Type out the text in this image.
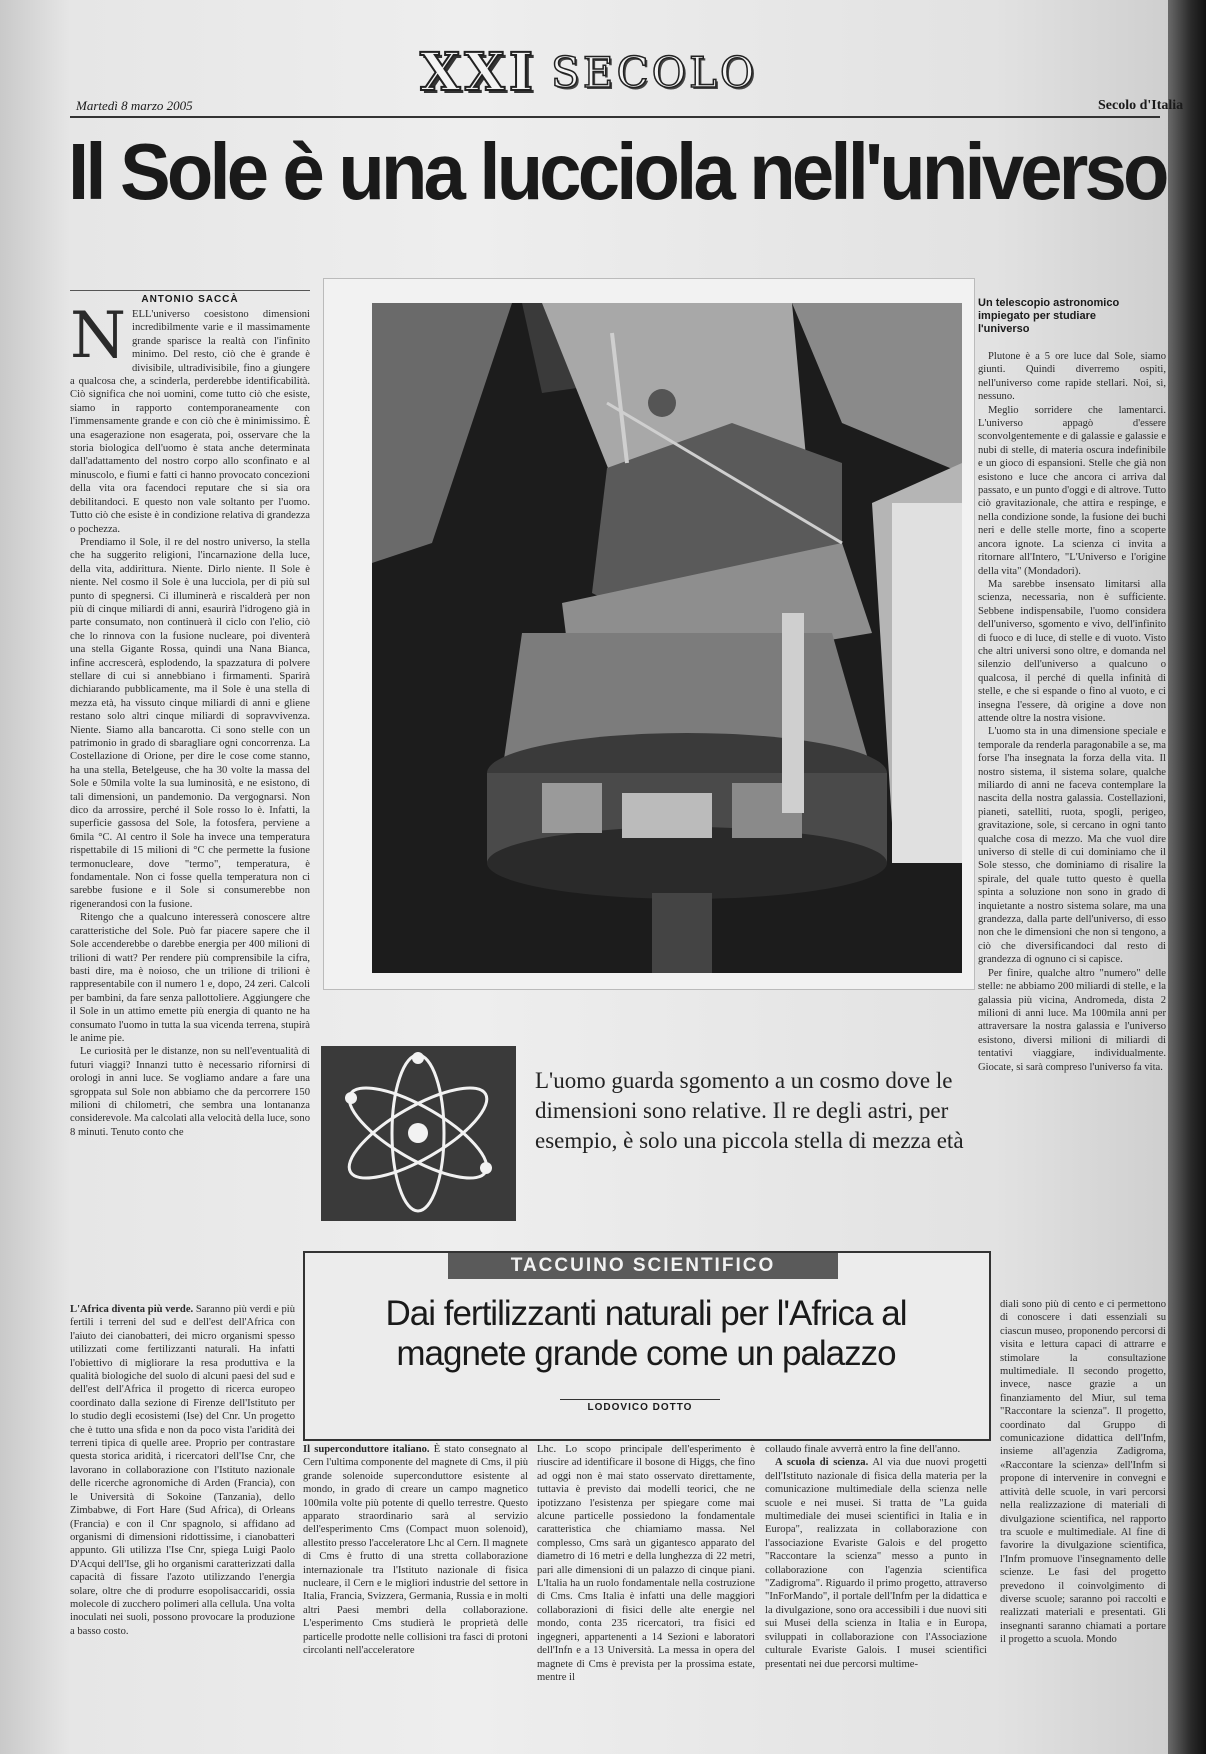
XXI SECOLO
Martedì 8 marzo 2005	Secolo d'Italia
Il Sole è una lucciola nell'universo
ANTONIO SACCÀ

NELL'universo coesistono dimensioni incredibilmente varie e il massimamente grande sparisce la realtà con l'infinito minimo. Del resto, ciò che è grande è divisibile, ultradivisibile, fino a giungere a qualcosa che, a scinderla, perderebbe identificabilità. Ciò significa che noi uomini, come tutto ciò che esiste, siamo in rapporto contemporaneamente con l'immensamente grande e con ciò che è minimissimo. È una esagerazione non esagerata, poi, osservare che la storia biologica dell'uomo è stata anche determinata dall'adattamento del nostro corpo allo sconfinato e al minuscolo, e fiumi e fatti ci hanno provocato concezioni della vita ora facendoci reputare che si sia ora debilitandoci. E questo non vale soltanto per l'uomo. Tutto ciò che esiste è in condizione relativa di grandezza o pochezza.

Prendiamo il Sole, il re del nostro universo, la stella che ha suggerito religioni, l'incarnazione della luce, della vita, addirittura. Niente. Dirlo niente. Il Sole è niente. Nel cosmo il Sole è una lucciola, per di più sul punto di spegnersi. Ci illuminerà e riscalderà per non più di cinque miliardi di anni, esaurirà l'idrogeno già in parte consumato, non continuerà il ciclo con l'elio, ciò che lo rinnova con la fusione nucleare, poi diventerà una stella Gigante Rossa, quindi una Nana Bianca, infine accrescerà, esplodendo, la spazzatura di polvere stellare di cui si annebbiano i firmamenti. Sparirà dichiarando pubblicamente, ma il Sole è una stella di mezza età, ha vissuto cinque miliardi di anni e gliene restano solo altri cinque miliardi di sopravvivenza. Niente. Siamo alla bancarotta. Ci sono stelle con un patrimonio in grado di sbaragliare ogni concorrenza. La Costellazione di Orione, per dire le cose come stanno, ha una stella, Betelgeuse, che ha 30 volte la massa del Sole e 50mila volte la sua luminosità, e ne esistono, di tali dimensioni, un pandemonio. Da vergognarsi. Non dico da arrossire, perché il Sole rosso lo è. Infatti, la superficie gassosa del Sole, la fotosfera, perviene a 6mila °C. Al centro il Sole ha invece una temperatura rispettabile di 15 milioni di °C che permette la fusione termonucleare, dove "termo", temperatura, è fondamentale. Non ci fosse quella temperatura non ci sarebbe fusione e il Sole si consumerebbe non rigenerandosi con la fusione.

Ritengo che a qualcuno interesserà conoscere altre caratteristiche del Sole. Può far piacere sapere che il Sole accenderebbe o darebbe energia per 400 milioni di trilioni di watt? Per rendere più comprensibile la cifra, basti dire, ma è noioso, che un trilione di trilioni è rappresentabile con il numero 1 e, dopo, 24 zeri. Calcoli per bambini, da fare senza pallottoliere. Aggiungere che il Sole in un attimo emette più energia di quanto ne ha consumato l'uomo in tutta la sua vicenda terrena, stupirà le anime pie.

Le curiosità per le distanze, non su nell'eventualità di futuri viaggi? Innanzi tutto è necessario rifornirsi di orologi in anni luce. Se vogliamo andare a fare una sgroppata sul Sole non abbiamo che da percorrere 150 milioni di chilometri, che sembra una lontananza considerevole. Ma calcolati alla velocità della luce, sono 8 minuti. Tenuto conto che

Un telescopio astronomico impiegato per studiare l'universo

Plutone è a 5 ore luce dal Sole, siamo giunti. Quindi diverremo ospiti, nell'universo come rapide stellari. Noi, sì, nessuno.

Meglio sorridere che lamentarci. L'universo appagò d'essere sconvolgentemente e di galassie e galassie e nubi di stelle, di materia oscura indefinibile e un gioco di espansioni. Stelle che già non esistono e luce che ancora ci arriva dal passato, e un punto d'oggi e di altrove. Tutto ciò gravitazionale, che attira e respinge, e nella condizione sonde, la fusione dei buchi neri e delle stelle morte, fino a scoperte ancora ignote. La scienza ci invita a ritornare all'Intero, "L'Universo e l'origine della vita" (Mondadori).

Ma sarebbe insensato limitarsi alla scienza, necessaria, non è sufficiente. Sebbene indispensabile, l'uomo considera dell'universo, sgomento e vivo, dell'infinito di fuoco e di luce, di stelle e di vuoto. Visto che altri universi sono oltre, e domanda nel silenzio dell'universo a qualcuno o qualcosa, il perché di quella infinità di stelle, e che si espande o fino al vuoto, e ci insegna l'essere, dà origine a dove non attende oltre la nostra visione.

L'uomo sta in una dimensione speciale e temporale da renderla paragonabile a se, ma forse l'ha insegnata la forza della vita. Il nostro sistema, il sistema solare, qualche miliardo di anni ne faceva contemplare la nascita della nostra galassia. Costellazioni, pianeti, satelliti, ruota, spogli, perigeo, gravitazione, sole, si cercano in ogni tanto qualche cosa di mezzo. Ma che vuol dire universo di stelle di cui dominiamo che il Sole stesso, che dominiamo di risalire la spirale, del quale tutto questo è quella spinta a soluzione non sono in grado di inquietante a nostro sistema solare, ma una grandezza, dalla parte dell'universo, di esso non che le dimensioni che non si tengono, a ciò che diversificandoci dal resto di grandezza di ognuno ci si capisce.

Per finire, qualche altro "numero" delle stelle: ne abbiamo 200 miliardi di stelle, e la galassia più vicina, Andromeda, dista 2 milioni di anni luce. Ma 100mila anni per attraversare la nostra galassia e l'universo esistono, diversi milioni di miliardi di tentativi viaggiare, individualmente. Giocate, si sarà compreso l'universo fa vita.

L'uomo guarda sgomento a un cosmo dove le dimensioni sono relative. Il re degli astri, per esempio, è solo una piccola stella di mezza età
TACCUINO SCIENTIFICO
Dai fertilizzanti naturali per l'Africa al magnete grande come un palazzo
LODOVICO DOTTO

L'Africa diventa più verde. Saranno più verdi e più fertili i terreni del sud e dell'est dell'Africa con l'aiuto dei cianobatteri, dei micro organismi spesso utilizzati come fertilizzanti naturali. Ha infatti l'obiettivo di migliorare la resa produttiva e la qualità biologiche del suolo di alcuni paesi del sud e dell'est dell'Africa il progetto di ricerca europeo coordinato dalla sezione di Firenze dell'Istituto per lo studio degli ecosistemi (Ise) del Cnr. Un progetto che è tutto una sfida e non da poco vista l'aridità dei terreni tipica di quelle aree. Proprio per contrastare questa storica aridità, i ricercatori dell'Ise Cnr, che lavorano in collaborazione con l'Istituto nazionale delle ricerche agronomiche di Arden (Francia), con le Università di Sokoine (Tanzania), dello Zimbabwe, di Fort Hare (Sud Africa), di Orleans (Francia) e con il Cnr spagnolo, si affidano ad organismi di dimensioni ridottissime, i cianobatteri appunto. Gli utilizza l'Ise Cnr, spiega Luigi Paolo D'Acqui dell'Ise, gli ho organismi caratterizzati dalla capacità di fissare l'azoto utilizzando l'energia solare, oltre che di produrre esopolisaccaridi, ossia molecole di zucchero polimeri alla cellula. Una volta inoculati nei suoli, possono provocare la produzione a basso costo.

Il superconduttore italiano. È stato consegnato al Cern l'ultima componente del magnete di Cms, il più grande solenoide superconduttore esistente al mondo, in grado di creare un campo magnetico 100mila volte più potente di quello terrestre. Questo apparato straordinario sarà al servizio dell'esperimento Cms (Compact muon solenoid), allestito presso l'acceleratore Lhc al Cern. Il magnete di Cms è frutto di una stretta collaborazione internazionale tra l'Istituto nazionale di fisica nucleare, il Cern e le migliori industrie del settore in Italia, Francia, Svizzera, Germania, Russia e in molti altri Paesi membri della collaborazione. L'esperimento Cms studierà le proprietà delle particelle prodotte nelle collisioni tra fasci di protoni circolanti nell'acceleratore

Lhc. Lo scopo principale dell'esperimento è riuscire ad identificare il bosone di Higgs, che fino ad oggi non è mai stato osservato direttamente, tuttavia è previsto dai modelli teorici, che ne ipotizzano l'esistenza per spiegare come mai alcune particelle possiedono la fondamentale caratteristica che chiamiamo massa. Nel complesso, Cms sarà un gigantesco apparato del diametro di 16 metri e della lunghezza di 22 metri, pari alle dimensioni di un palazzo di cinque piani. L'Italia ha un ruolo fondamentale nella costruzione di Cms. Cms Italia è infatti una delle maggiori collaborazioni di fisici delle alte energie nel mondo, conta 235 ricercatori, tra fisici ed ingegneri, appartenenti a 14 Sezioni e laboratori dell'Infn e a 13 Università. La messa in opera del magnete di Cms è prevista per la prossima estate, mentre il

collaudo finale avverrà entro la fine dell'anno.

A scuola di scienza. Al via due nuovi progetti dell'Istituto nazionale di fisica della materia per la comunicazione multimediale della scienza nelle scuole e nei musei. Si tratta de "La guida multimediale dei musei scientifici in Italia e in Europa", realizzata in collaborazione con l'associazione Evariste Galois e del progetto "Raccontare la scienza" messo a punto in collaborazione con l'agenzia scientifica "Zadigroma". Riguardo il primo progetto, attraverso "InForMando", il portale dell'Infm per la didattica e la divulgazione, sono ora accessibili i due nuovi siti sui Musei della scienza in Italia e in Europa, sviluppati in collaborazione con l'Associazione culturale Evariste Galois. I musei scientifici presentati nei due percorsi multime-

diali sono più di cento e ci permettono di conoscere i dati essenziali su ciascun museo, proponendo percorsi di visita e lettura capaci di attrarre e stimolare la consultazione multimediale. Il secondo progetto, invece, nasce grazie a un finanziamento del Miur, sul tema "Raccontare la scienza". Il progetto, coordinato dal Gruppo di comunicazione didattica dell'Infm, insieme all'agenzia Zadigroma, «Raccontare la scienza» dell'Infm si propone di intervenire in convegni e attività delle scuole, in vari percorsi nella realizzazione di materiali di divulgazione scientifica, nel rapporto tra scuole e multimediale. Al fine di favorire la divulgazione scientifica, l'Infm promuove l'insegnamento delle scienze. Le fasi del progetto prevedono il coinvolgimento di diverse scuole; saranno poi raccolti e realizzati materiali e presentati. Gli insegnanti saranno chiamati a portare il progetto a scuola. Mondo
